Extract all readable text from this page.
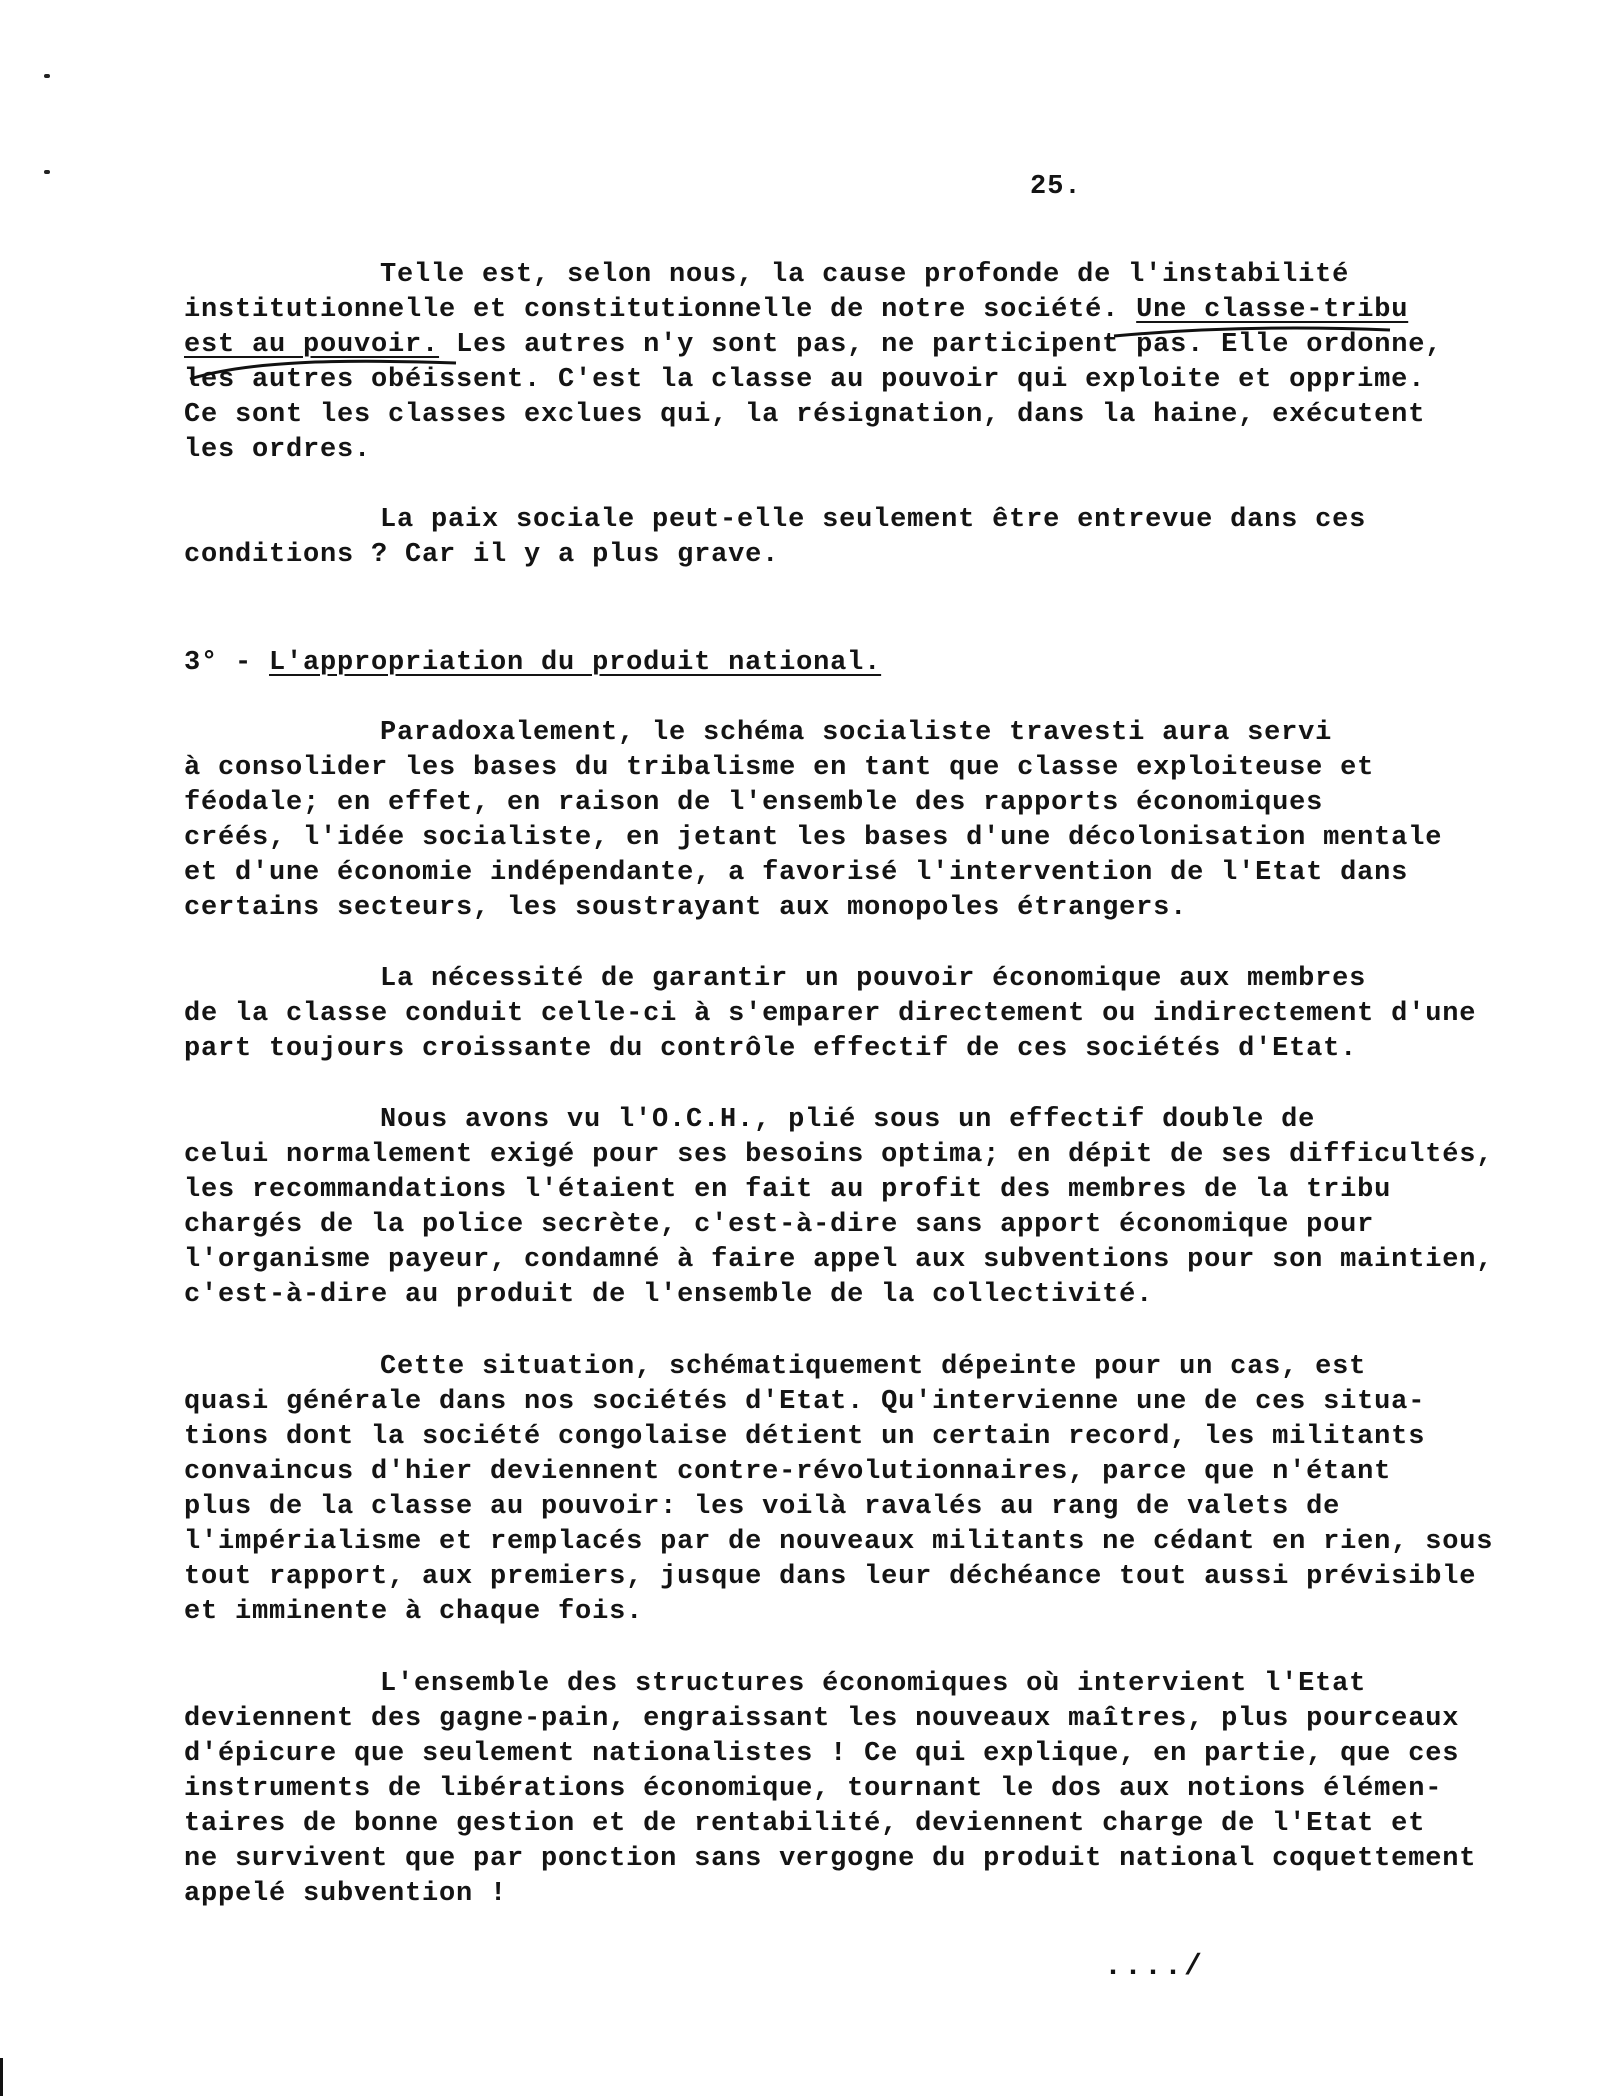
25.
Telle est, selon nous, la cause profonde de l'instabilité
institutionnelle et constitutionnelle de notre société. Une classe-tribu
est au pouvoir. Les autres n'y sont pas, ne participent pas. Elle ordonne,
les autres obéissent. C'est la classe au pouvoir qui exploite et opprime.
Ce sont les classes exclues qui, la résignation, dans la haine, exécutent
les ordres.
La paix sociale peut-elle seulement être entrevue dans ces
conditions ? Car il y a plus grave.
3° - L'appropriation du produit national.
Paradoxalement, le schéma socialiste travesti aura servi
à consolider les bases du tribalisme en tant que classe exploiteuse et
féodale; en effet, en raison de l'ensemble des rapports économiques
créés, l'idée socialiste, en jetant les bases d'une décolonisation mentale
et d'une économie indépendante, a favorisé l'intervention de l'Etat dans
certains secteurs, les soustrayant aux monopoles étrangers.
La nécessité de garantir un pouvoir économique aux membres
de la classe conduit celle-ci à s'emparer directement ou indirectement d'une
part toujours croissante du contrôle effectif de ces sociétés d'Etat.
Nous avons vu l'O.C.H., plié sous un effectif double de
celui normalement exigé pour ses besoins optima; en dépit de ses difficultés,
les recommandations l'étaient en fait au profit des membres de la tribu
chargés de la police secrète, c'est-à-dire sans apport économique pour
l'organisme payeur, condamné à faire appel aux subventions pour son maintien,
c'est-à-dire au produit de l'ensemble de la collectivité.
Cette situation, schématiquement dépeinte pour un cas, est
quasi générale dans nos sociétés d'Etat. Qu'intervienne une de ces situa-
tions dont la société congolaise détient un certain record, les militants
convaincus d'hier deviennent contre-révolutionnaires, parce que n'étant
plus de la classe au pouvoir: les voilà ravalés au rang de valets de
l'impérialisme et remplacés par de nouveaux militants ne cédant en rien, sous
tout rapport, aux premiers, jusque dans leur déchéance tout aussi prévisible
et imminente à chaque fois.
L'ensemble des structures économiques où intervient l'Etat
deviennent des gagne-pain, engraissant les nouveaux maîtres, plus pourceaux
d'épicure que seulement nationalistes ! Ce qui explique, en partie, que ces
instruments de libérations économique, tournant le dos aux notions élémen-
taires de bonne gestion et de rentabilité, deviennent charge de l'Etat et
ne survivent que par ponction sans vergogne du produit national coquettement
appelé subvention !
..../
